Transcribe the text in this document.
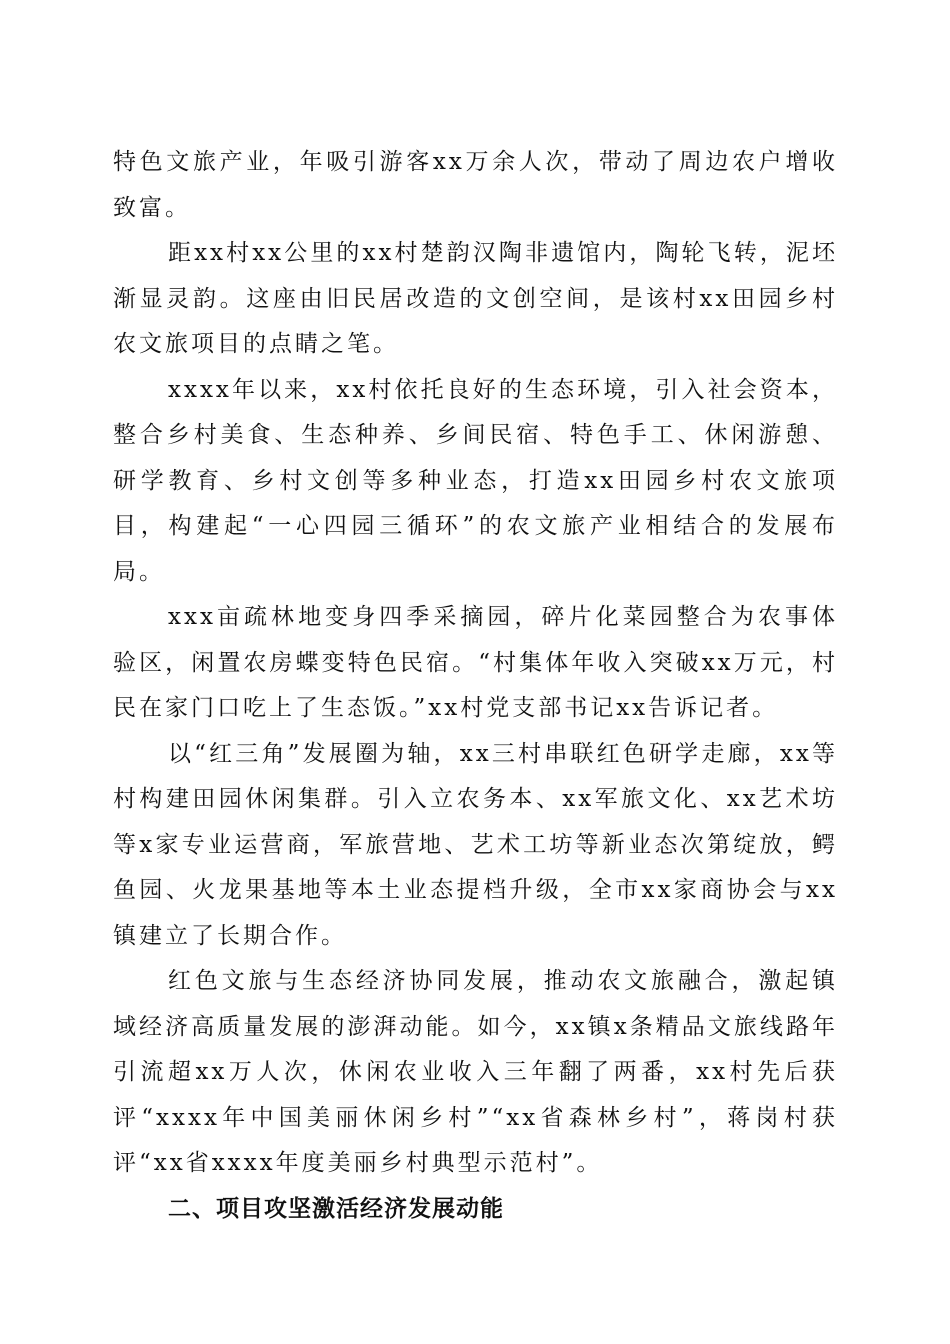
特色文旅产业，年吸引游客xx万余人次，带动了周边农户增收致富。

距xx村xx公里的xx村楚韵汉陶非遗馆内，陶轮飞转，泥坯渐显灵韵。这座由旧民居改造的文创空间，是该村xx田园乡村农文旅项目的点睛之笔。

xxxx年以来，xx村依托良好的生态环境，引入社会资本，整合乡村美食、生态种养、乡间民宿、特色手工、休闲游憩、研学教育、乡村文创等多种业态，打造xx田园乡村农文旅项目，构建起“一心四园三循环”的农文旅产业相结合的发展布局。

xxx亩疏林地变身四季采摘园，碎片化菜园整合为农事体验区，闲置农房蝶变特色民宿。“村集体年收入突破xx万元，村民在家门口吃上了生态饭。”xx村党支部书记xx告诉记者。

以“红三角”发展圈为轴，xx三村串联红色研学走廊，xx等村构建田园休闲集群。引入立农务本、xx军旅文化、xx艺术坊等x家专业运营商，军旅营地、艺术工坊等新业态次第绽放，鳄鱼园、火龙果基地等本土业态提档升级，全市xx家商协会与xx镇建立了长期合作。

红色文旅与生态经济协同发展，推动农文旅融合，激起镇域经济高质量发展的澎湃动能。如今，xx镇x条精品文旅线路年引流超xx万人次，休闲农业收入三年翻了两番，xx村先后获评“xxxx年中国美丽休闲乡村”“xx省森林乡村”，蒋岗村获评“xx省xxxx年度美丽乡村典型示范村”。

二、项目攻坚激活经济发展动能
